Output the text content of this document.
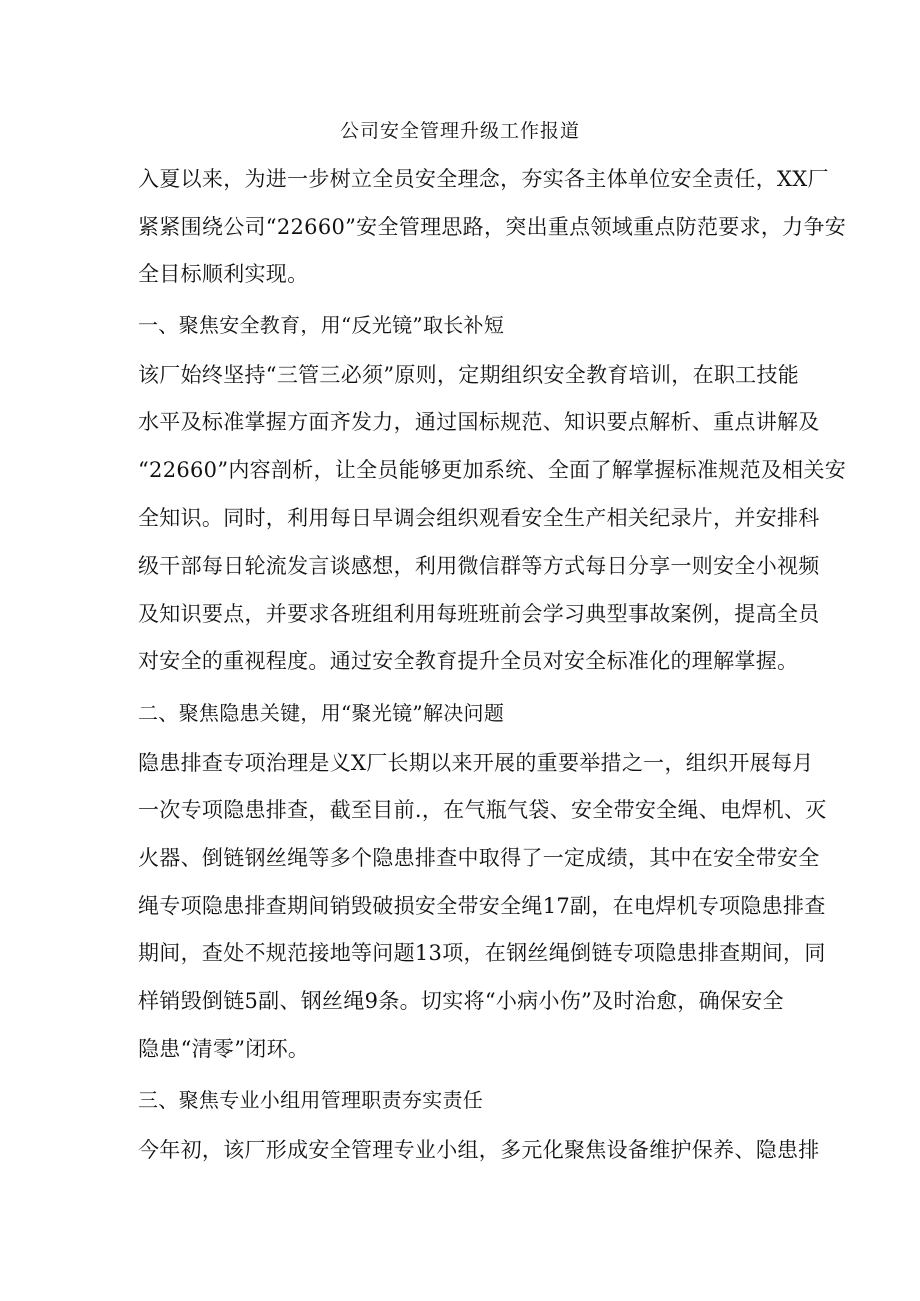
公司安全管理升级工作报道
入夏以来，为进一步树立全员安全理念，夯实各主体单位安全责任，XX厂
紧紧围绕公司“22660”安全管理思路，突出重点领域重点防范要求，力争安
全目标顺利实现。
一、聚焦安全教育，用“反光镜”取长补短
该厂始终坚持“三管三必须”原则，定期组织安全教育培训，在职工技能
水平及标准掌握方面齐发力，通过国标规范、知识要点解析、重点讲解及
“22660”内容剖析，让全员能够更加系统、全面了解掌握标准规范及相关安
全知识。同时，利用每日早调会组织观看安全生产相关纪录片，并安排科
级干部每日轮流发言谈感想，利用微信群等方式每日分享一则安全小视频
及知识要点，并要求各班组利用每班班前会学习典型事故案例，提高全员
对安全的重视程度。通过安全教育提升全员对安全标准化的理解掌握。
二、聚焦隐患关键，用“聚光镜”解决问题
隐患排查专项治理是义X厂长期以来开展的重要举措之一，组织开展每月
一次专项隐患排查，截至目前.，在气瓶气袋、安全带安全绳、电焊机、灭
火器、倒链钢丝绳等多个隐患排查中取得了一定成绩，其中在安全带安全
绳专项隐患排查期间销毁破损安全带安全绳17副，在电焊机专项隐患排查
期间，查处不规范接地等问题13项，在钢丝绳倒链专项隐患排查期间，同
样销毁倒链5副、钢丝绳9条。切实将“小病小伤”及时治愈，确保安全
隐患“清零”闭环。
三、聚焦专业小组用管理职责夯实责任
今年初，该厂形成安全管理专业小组，多元化聚焦设备维护保养、隐患排
